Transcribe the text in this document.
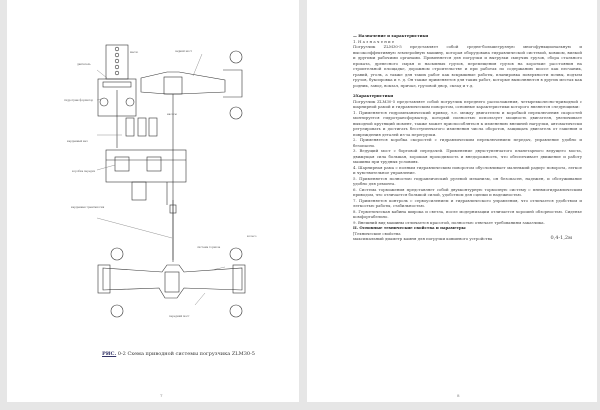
двигатель
масло
гидротрансформатор
задний мост
коробка передач
колесо
система тормоза
карданная трансмиссия
насосы
карданный вал
передний мост
РИС. 0-2 Схема приводной системы погрузчика ZLM30-5
7

— Назначение и характеристики

1. Н а з н а ч е н и е

Погрузчик ZLM30-5 представляет собой средне-большегрузную многофункциональную и высокоэффективную землеройную машину, которая оборудована гидравлической системой, ковшом, вилкой и другими рабочими органами. Применяется для погрузки и выгрузки сыпучих грузов, сбора стального проката, древесного сырья и насыпных грузов, перемещения грузов на короткие расстояния на строительной площадке, дорожном строительстве и при работах по содержанию шоссе как песчаник, гравий, уголь, а также для таких работ как вскрышные работы, планировка поверхности почвы, подъем грузов, буксировка и т. д. Он также применяется для таких работ, которые выполняются в других местах как родник, завод, вокзал, причал, грузовой двор, склад и т.д.

2Характеристики

Погрузчик ZLM30-5 представляет собой погрузчик переднего расположения, четырехколесно-приводной с шарнирной рамой и гидравлическим поворотом, основные характеристики которого являются следующими:

1. Применяется гидромеханический привод, т.е. между двигателем и коробкой переключения скоростей монтируется гидротрансформатор, который полностью использует мощность двигателя, увеличивает выходной крутящий момент, также может приспособляться к изменению внешней нагрузки, автоматически регулировать и достигать бесступенчатого изменения числа оборотов, защищать двигатель от гашения и повреждения деталей из-за перегрузки.

2. Применяется коробка скоростей с гидравлическим переключением передач, управление удобно и безопасно.

3. Ведущий мост с бортовой передачей. Применение двухступенчатого планетарного ведущего моста, движущая сила большая, хорошая проходимость и внедорожность, что обеспечивает движение и работу машины при трудных условиях.

4. Шарнирная рама с полным гидравлическим поворотом обусловливает маленький радиус поворота, легкое и чувствительное управление.

5. Применяется полностью гидравлический рулевой механизм, он безопасен, надежен, и обслуживание удобно для ремонта.

6. Система торможения представляет собой двухконтурную тормозную систему с пневмогидравлическим приводом, что отличается большой силой, удобством для сцепки и надежностью.

7. Применяется контроль с сервоусилением и гидравлического управления, что отличается удобством и легкостью работы, стабильностью.

8. Герметическая кабина широка и светла, после модернизации отличается хорошей обзорностью. Сиденье комфортабельно.

9. Внешний вид машины отличается красотой, полностью отвечает требованиям заказчика.

II. Основные технические свойства и параметры

[Технические свойства

максимальный диаметр камня для погрузки ковшевого устройства	0,4-1,2м
8
